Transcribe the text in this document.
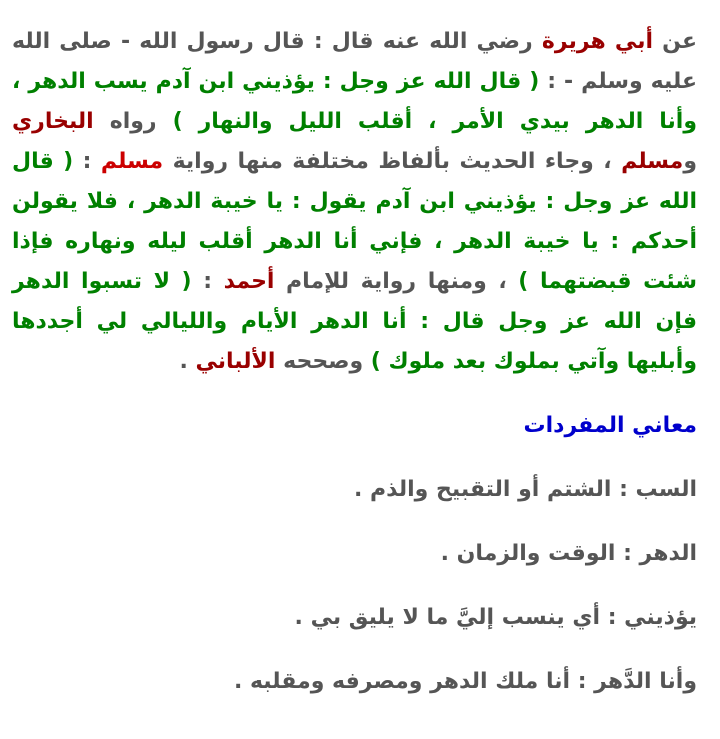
عن أبي هريرة رضي الله عنه قال : قال رسول الله - صلى الله عليه وسلم - : ( قال الله عز وجل : يؤذيني ابن آدم يسب الدهر ، وأنا الدهر بيدي الأمر ، أقلب الليل والنهار ) رواه البخاري ومسلم ، وجاء الحديث بألفاظ مختلفة منها رواية مسلم : ( قال الله عز وجل : يؤذيني ابن آدم يقول : يا خيبة الدهر ، فلا يقولن أحدكم : يا خيبة الدهر ، فإني أنا الدهر أقلب ليله ونهاره فإذا شئت قبضتهما ) ، ومنها رواية للإمام أحمد : ( لا تسبوا الدهر فإن الله عز وجل قال : أنا الدهر الأيام والليالي لي أجددها وأبليها وآتي بملوك بعد ملوك ) وصححه الألباني .

معاني المفردات

السب : الشتم أو التقبيح والذم .

الدهر : الوقت والزمان .

يؤذيني : أي ينسب إليَّ ما لا يليق بي .

وأنا الدَّهر : أنا ملك الدهر ومصرفه ومقلبه .
